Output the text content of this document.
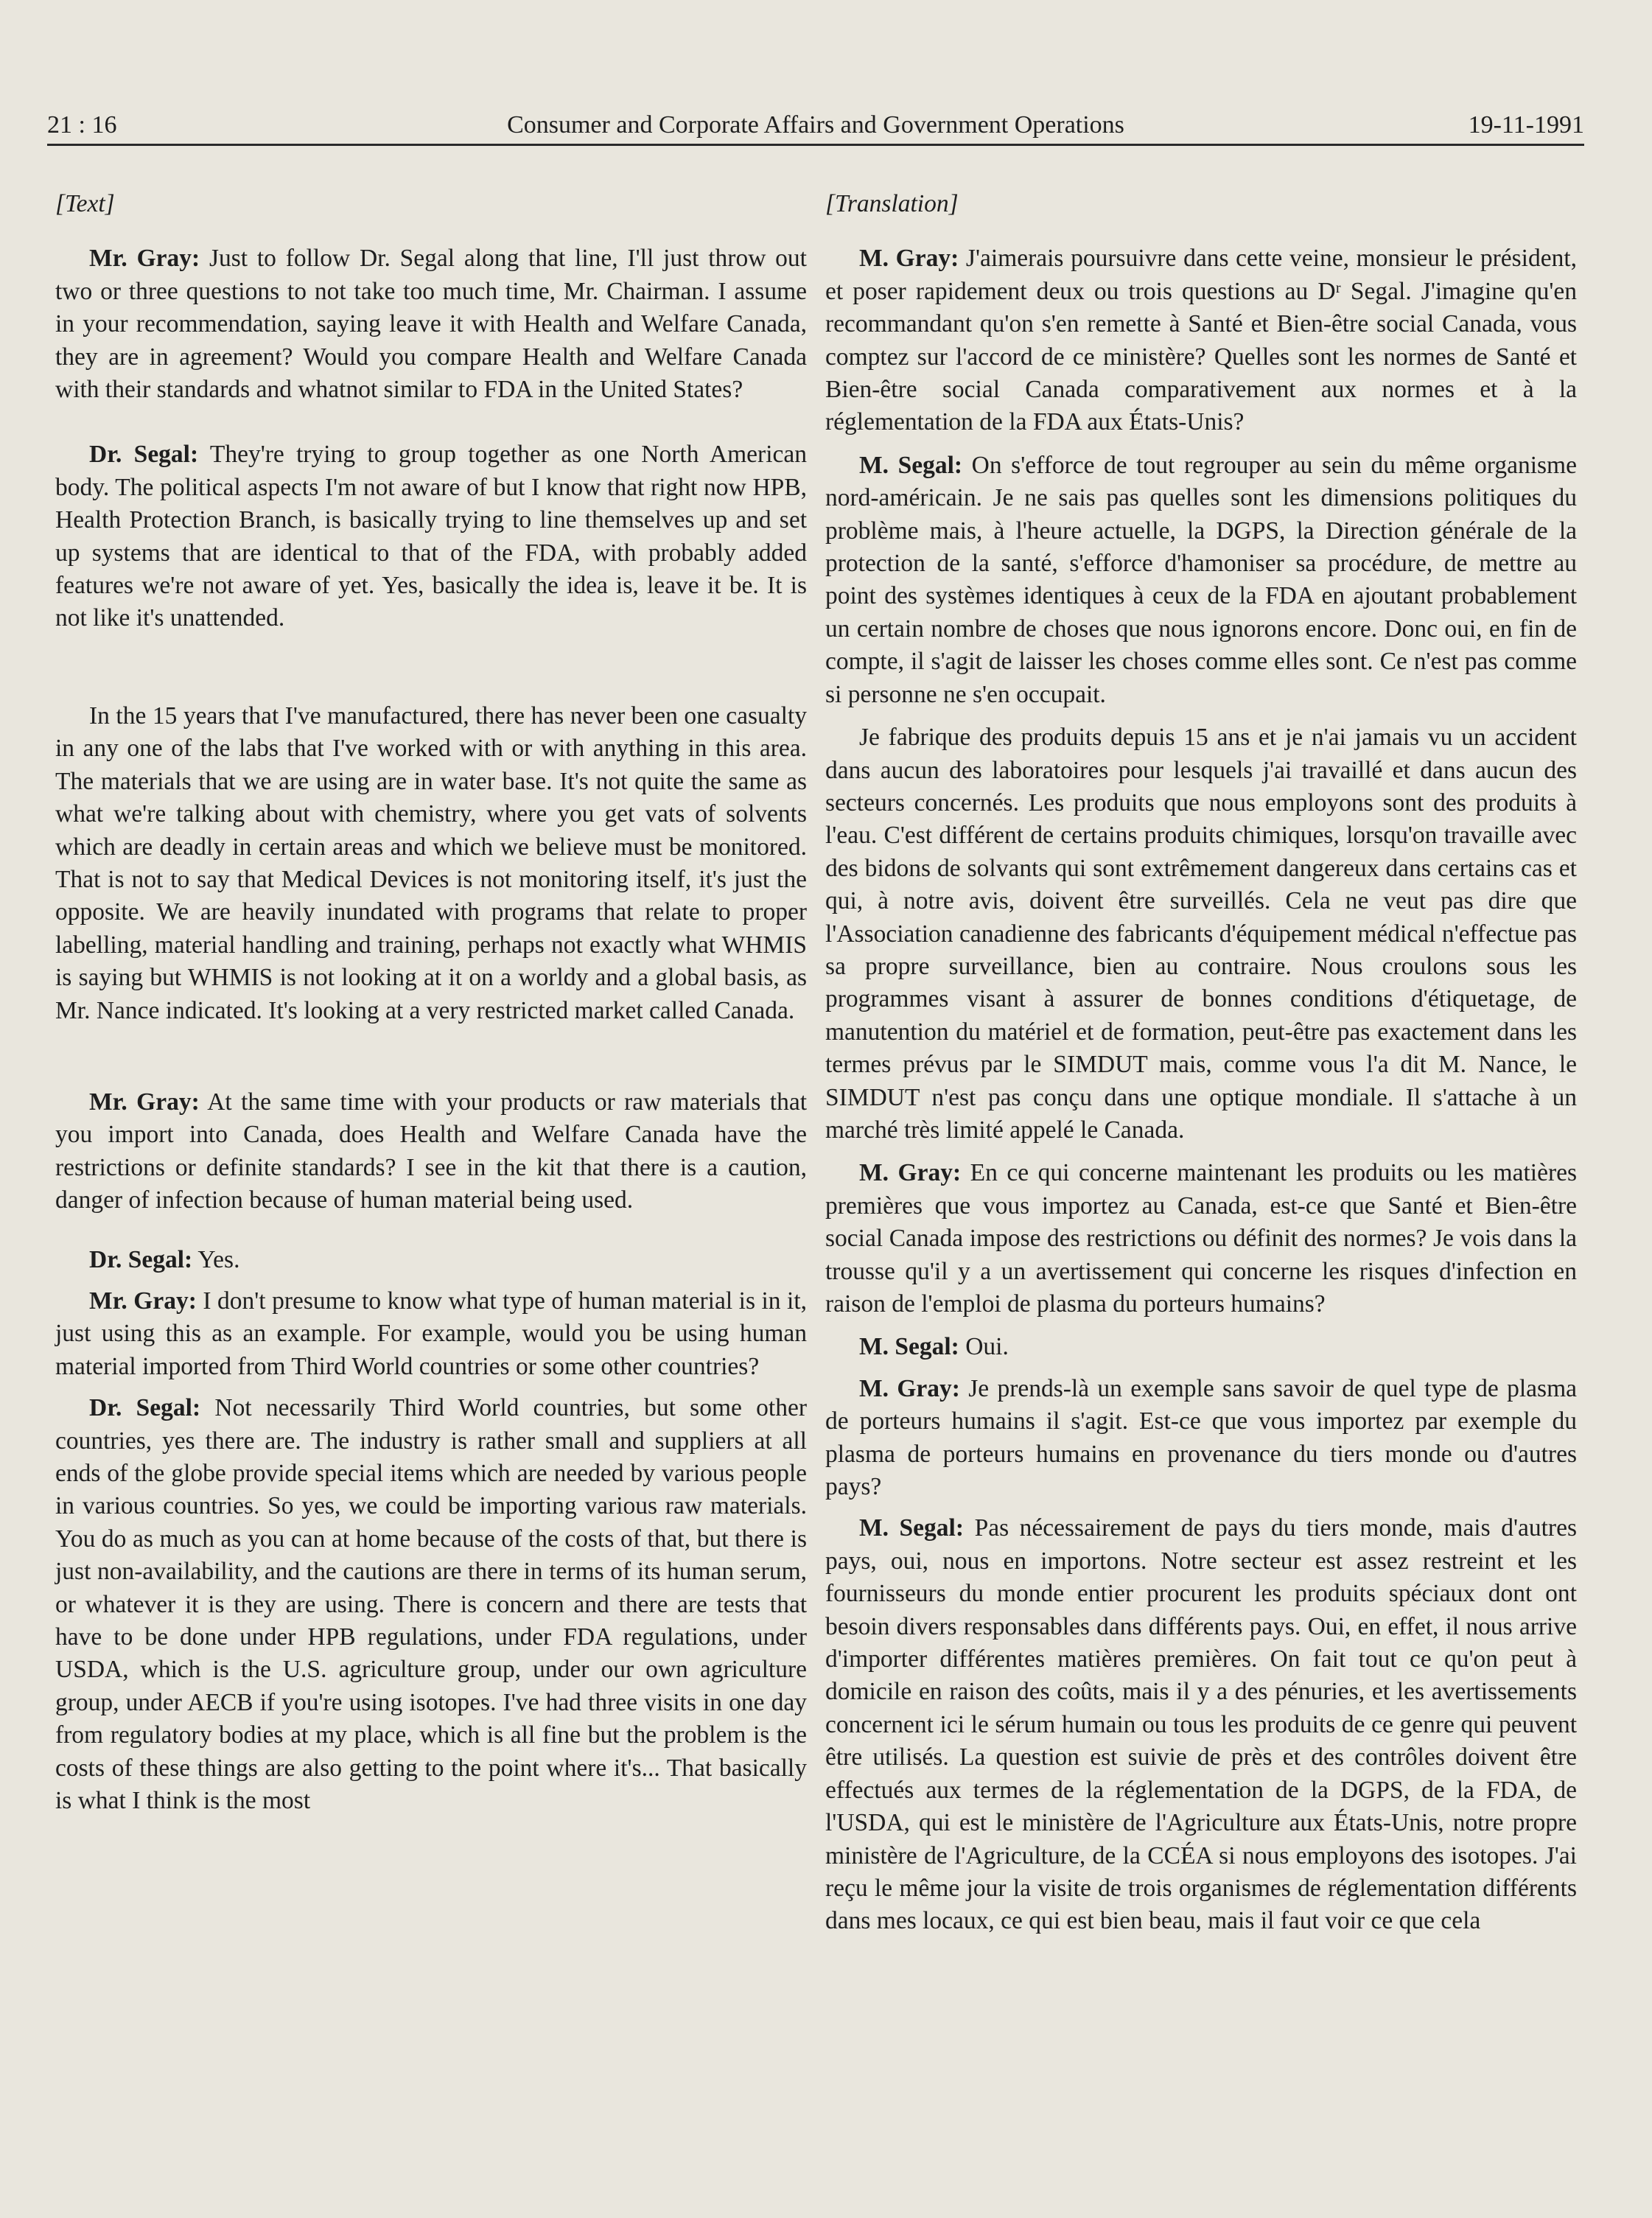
21 : 16	Consumer and Corporate Affairs and Government Operations	19-11-1991
[Text]

Mr. Gray: Just to follow Dr. Segal along that line, I'll just throw out two or three questions to not take too much time, Mr. Chairman. I assume in your recommendation, saying leave it with Health and Welfare Canada, they are in agreement? Would you compare Health and Welfare Canada with their standards and whatnot similar to FDA in the United States?

Dr. Segal: They're trying to group together as one North American body. The political aspects I'm not aware of but I know that right now HPB, Health Protection Branch, is basically trying to line themselves up and set up systems that are identical to that of the FDA, with probably added features we're not aware of yet. Yes, basically the idea is, leave it be. It is not like it's unattended.

In the 15 years that I've manufactured, there has never been one casualty in any one of the labs that I've worked with or with anything in this area. The materials that we are using are in water base. It's not quite the same as what we're talking about with chemistry, where you get vats of solvents which are deadly in certain areas and which we believe must be monitored. That is not to say that Medical Devices is not monitoring itself, it's just the opposite. We are heavily inundated with programs that relate to proper labelling, material handling and training, perhaps not exactly what WHMIS is saying but WHMIS is not looking at it on a worldy and a global basis, as Mr. Nance indicated. It's looking at a very restricted market called Canada.

Mr. Gray: At the same time with your products or raw materials that you import into Canada, does Health and Welfare Canada have the restrictions or definite standards? I see in the kit that there is a caution, danger of infection because of human material being used.

Dr. Segal: Yes.

Mr. Gray: I don't presume to know what type of human material is in it, just using this as an example. For example, would you be using human material imported from Third World countries or some other countries?

Dr. Segal: Not necessarily Third World countries, but some other countries, yes there are. The industry is rather small and suppliers at all ends of the globe provide special items which are needed by various people in various countries. So yes, we could be importing various raw materials. You do as much as you can at home because of the costs of that, but there is just non-availability, and the cautions are there in terms of its human serum, or whatever it is they are using. There is concern and there are tests that have to be done under HPB regulations, under FDA regulations, under USDA, which is the U.S. agriculture group, under our own agriculture group, under AECB if you're using isotopes. I've had three visits in one day from regulatory bodies at my place, which is all fine but the problem is the costs of these things are also getting to the point where it's... That basically is what I think is the most

[Translation]

M. Gray: J'aimerais poursuivre dans cette veine, monsieur le président, et poser rapidement deux ou trois questions au Dʳ Segal. J'imagine qu'en recommandant qu'on s'en remette à Santé et Bien-être social Canada, vous comptez sur l'accord de ce ministère? Quelles sont les normes de Santé et Bien-être social Canada comparativement aux normes et à la réglementation de la FDA aux États-Unis?

M. Segal: On s'efforce de tout regrouper au sein du même organisme nord-américain. Je ne sais pas quelles sont les dimensions politiques du problème mais, à l'heure actuelle, la DGPS, la Direction générale de la protection de la santé, s'efforce d'hamoniser sa procédure, de mettre au point des systèmes identiques à ceux de la FDA en ajoutant probablement un certain nombre de choses que nous ignorons encore. Donc oui, en fin de compte, il s'agit de laisser les choses comme elles sont. Ce n'est pas comme si personne ne s'en occupait.

Je fabrique des produits depuis 15 ans et je n'ai jamais vu un accident dans aucun des laboratoires pour lesquels j'ai travaillé et dans aucun des secteurs concernés. Les produits que nous employons sont des produits à l'eau. C'est différent de certains produits chimiques, lorsqu'on travaille avec des bidons de solvants qui sont extrêmement dangereux dans certains cas et qui, à notre avis, doivent être surveillés. Cela ne veut pas dire que l'Association canadienne des fabricants d'équipement médical n'effectue pas sa propre surveillance, bien au contraire. Nous croulons sous les programmes visant à assurer de bonnes conditions d'étiquetage, de manutention du matériel et de formation, peut-être pas exactement dans les termes prévus par le SIMDUT mais, comme vous l'a dit M. Nance, le SIMDUT n'est pas conçu dans une optique mondiale. Il s'attache à un marché très limité appelé le Canada.

M. Gray: En ce qui concerne maintenant les produits ou les matières premières que vous importez au Canada, est-ce que Santé et Bien-être social Canada impose des restrictions ou définit des normes? Je vois dans la trousse qu'il y a un avertissement qui concerne les risques d'infection en raison de l'emploi de plasma du porteurs humains?

M. Segal: Oui.

M. Gray: Je prends-là un exemple sans savoir de quel type de plasma de porteurs humains il s'agit. Est-ce que vous importez par exemple du plasma de porteurs humains en provenance du tiers monde ou d'autres pays?

M. Segal: Pas nécessairement de pays du tiers monde, mais d'autres pays, oui, nous en importons. Notre secteur est assez restreint et les fournisseurs du monde entier procurent les produits spéciaux dont ont besoin divers responsables dans différents pays. Oui, en effet, il nous arrive d'importer différentes matières premières. On fait tout ce qu'on peut à domicile en raison des coûts, mais il y a des pénuries, et les avertissements concernent ici le sérum humain ou tous les produits de ce genre qui peuvent être utilisés. La question est suivie de près et des contrôles doivent être effectués aux termes de la réglementation de la DGPS, de la FDA, de l'USDA, qui est le ministère de l'Agriculture aux États-Unis, notre propre ministère de l'Agriculture, de la CCÉA si nous employons des isotopes. J'ai reçu le même jour la visite de trois organismes de réglementation différents dans mes locaux, ce qui est bien beau, mais il faut voir ce que cela
